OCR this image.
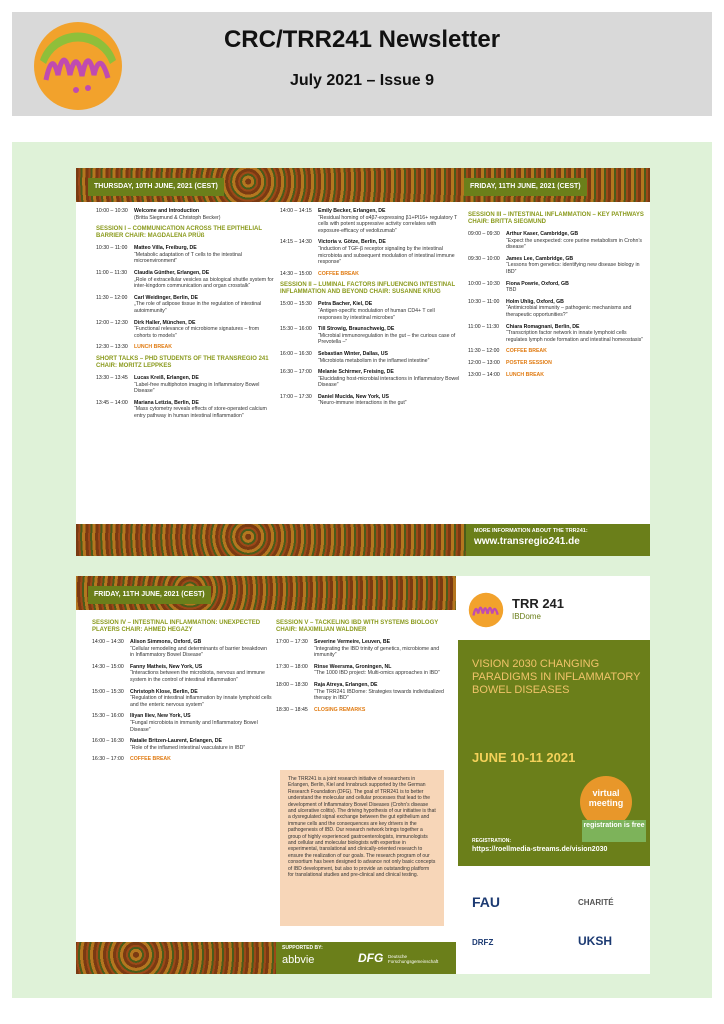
CRC/TRR241 Newsletter
July 2021 – Issue 9
THURSDAY, 10TH JUNE, 2021 (CEST)	FRIDAY, 11TH JUNE, 2021 (CEST)
10:00 – 10:30	Welcome and Introduction
(Britta Siegmund & Christoph Becker)
SESSION I – COMMUNICATION ACROSS THE EPITHELIAL BARRIER CHAIR: MAGDALENA PRÜß
10:30 – 11:00	Matteo Villa, Freiburg, DE
“Metabolic adaptation of T cells to the intestinal microenvironment”
11:00 – 11:30	Claudia Günther, Erlangen, DE
„Role of extracellular vesicles as biological shuttle system for inter-kingdom communication and organ crosstalk“
11:30 – 12:00	Carl Weidinger, Berlin, DE
„The role of adipose tissue in the regulation of intestinal autoimmunity”
12:00 – 12:30	Dirk Haller, München, DE
“Functional relevance of microbiome signatures – from cohorts to models”
12:30 – 13:30	LUNCH BREAK
SHORT TALKS – PHD STUDENTS OF THE TRANSREGIO 241 CHAIR: MORITZ LEPPKES
13:30 – 13:45	Lucas Kreiß, Erlangen, DE
“Label-free multiphoton imaging in Inflammatory Bowel Disease”
13:45 – 14:00	Mariana Letizia, Berlin, DE
“Mass cytometry reveals effects of store-operated calcium entry pathway in human intestinal inflammation”
14:00 – 14:15	Emily Becker, Erlangen, DE
“Residual homing of α4β7-expressing β1+PI16+ regulatory T cells with potent suppressive activity correlates with exposure-efficacy of vedolizumab”
14:15 – 14:30	Victoria v. Götze, Berlin, DE
“Induction of TGF-β receptor signaling by the intestinal microbiota and subsequent modulation of intestinal immune response”
14:30 – 15:00	COFFEE BREAK
SESSION II – LUMINAL FACTORS INFLUENCING INTESTINAL INFLAMMATION AND BEYOND CHAIR: SUSANNE KRUG
15:00 – 15:30	Petra Bacher, Kiel, DE
“Antigen-specific modulation of human CD4+ T cell responses by intestinal microbes”
15:30 – 16:00	Till Strowig, Braunschweig, DE
“Microbial immunoregulation in the gut – the curious case of Prevotella –”
16:00 – 16:30	Sebastian Winter, Dallas, US
“Microbiota metabolism in the inflamed intestine”
16:30 – 17:00	Melanie Schirmer, Freising, DE
“Elucidating host-microbial interactions in Inflammatory Bowel Disease”
17:00 – 17:30	Daniel Mucida, New York, US
“Neuro-immune interactions in the gut”
SESSION III – INTESTINAL INFLAMMATION – KEY PATHWAYS CHAIR: BRITTA SIEGMUND
09:00 – 09:30	Arthur Kaser, Cambridge, GB
“Expect the unexpected: core purine metabolism in Crohn’s disease”
09:30 – 10:00	James Lee, Cambridge, GB
“Lessons from genetics: identifying new disease biology in IBD”
10:00 – 10:30	Fiona Powrie, Oxford, GB
TBD
10:30 – 11:00	Holm Uhlig, Oxford, GB
“Antimicrobial immunity – pathogenic mechanisms and therapeutic opportunities?”
11:00 – 11:30	Chiara Romagnani, Berlin, DE
“Transcription factor network in innate lymphoid cells regulates lymph node formation and intestinal homeostasis”
11:30 – 12:00	COFFEE BREAK
12:00 – 13:00	POSTER SESSION
13:00 – 14:00	LUNCH BREAK
MORE INFORMATION ABOUT THE TRR241:
www.transregio241.de
FRIDAY, 11TH JUNE, 2021 (CEST)
SESSION IV – INTESTINAL INFLAMMATION: UNEXPECTED PLAYERS CHAIR: AHMED HEGAZY
14:00 – 14:30	Alison Simmons, Oxford, GB
“Cellular remodeling and determinants of barrier breakdown in Inflammatory Bowel Disease”
14:30 – 15:00	Fanny Matheis, New York, US
“Interactions between the microbiota, nervous and immune system in the control of intestinal inflammation”
15:00 – 15:30	Christoph Klose, Berlin, DE
“Regulation of intestinal inflammation by innate lymphoid cells and the enteric nervous system”
15:30 – 16:00	Iliyan Iliev, New York, US
“Fungal microbiota in immunity and Inflammatory Bowel Disease”
16:00 – 16:30	Natalie Britzen-Laurent, Erlangen, DE
“Role of the inflamed intestinal vasculature in IBD”
16:30 – 17:00	COFFEE BREAK
SESSION V – TACKELING IBD WITH SYSTEMS BIOLOGY CHAIR: MAXIMILIAN WALDNER
17:00 – 17:30	Severine Vermeire, Leuven, BE
“Integrating the IBD trinity of genetics, microbiome and immunity”
17:30 – 18:00	Rinse Weersma, Groningen, NL
“The 1000 IBD project: Multi-omics approaches in IBD”
18:00 – 18:30	Raja Atreya, Erlangen, DE
“The TRR241 IBDome: Strategies towards individualized therapy in IBD”
18:30 – 18:45	CLOSING REMARKS
The TRR241 is a joint research initiative of researchers in Erlangen, Berlin, Kiel and Innsbruck supported by the German Research Foundation (DFG). The goal of TRR241 is to better understand the molecular and cellular processes that lead to the development of Inflammatory Bowel Diseases (Crohn's disease and ulcerative colitis). The driving hypothesis of our initiative is that a dysregulated signal exchange between the gut epithelium and immune cells and the consequences are key drivers in the pathogenesis of IBD. Our research network brings together a group of highly experienced gastroenterologists, immunologists and cellular and molecular biologists with expertise in experimental, translational and clinically-oriented research to ensure the realization of our goals. The research program of our consortium has been designed to advance not only basic concepts of IBD development, but also to provide an outstanding platform for translational studies and pre-clinical and clinical testing.
SUPPORTED BY:
abbvie	DFG Deutsche Forschungsgemeinschaft
TRR 241
IBDome
VISION 2030 CHANGING PARADIGMS IN INFLAMMATORY BOWEL DISEASES
JUNE 10-11 2021
virtual meeting
registration is free
REGISTRATION:
https://roellmedia-streams.de/vision2030
FAU	CHARITÉ
DRFZ	UKSH
